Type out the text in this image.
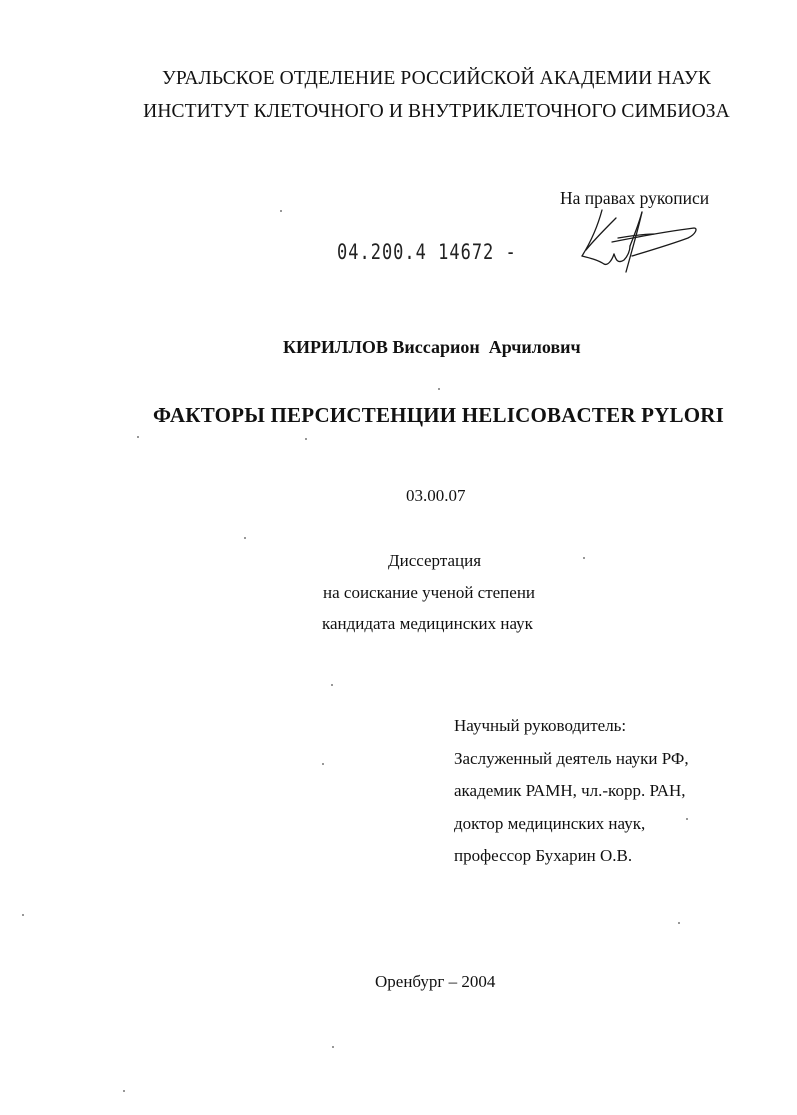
УРАЛЬСКОЕ ОТДЕЛЕНИЕ РОССИЙСКОЙ АКАДЕМИИ НАУК
ИНСТИТУТ КЛЕТОЧНОГО И ВНУТРИКЛЕТОЧНОГО СИМБИОЗА
На правах рукописи
04.200.4 14672 -
КИРИЛЛОВ Виссарион  Арчилович
ФАКТОРЫ ПЕРСИСТЕНЦИИ HELICOBACTER PYLORI
03.00.07
Диссертация
на соискание ученой степени
кандидата медицинских наук
Научный руководитель:
Заслуженный деятель науки РФ,
академик РАМН, чл.-корр. РАН,
доктор медицинских наук,
профессор Бухарин О.В.
Оренбург – 2004
